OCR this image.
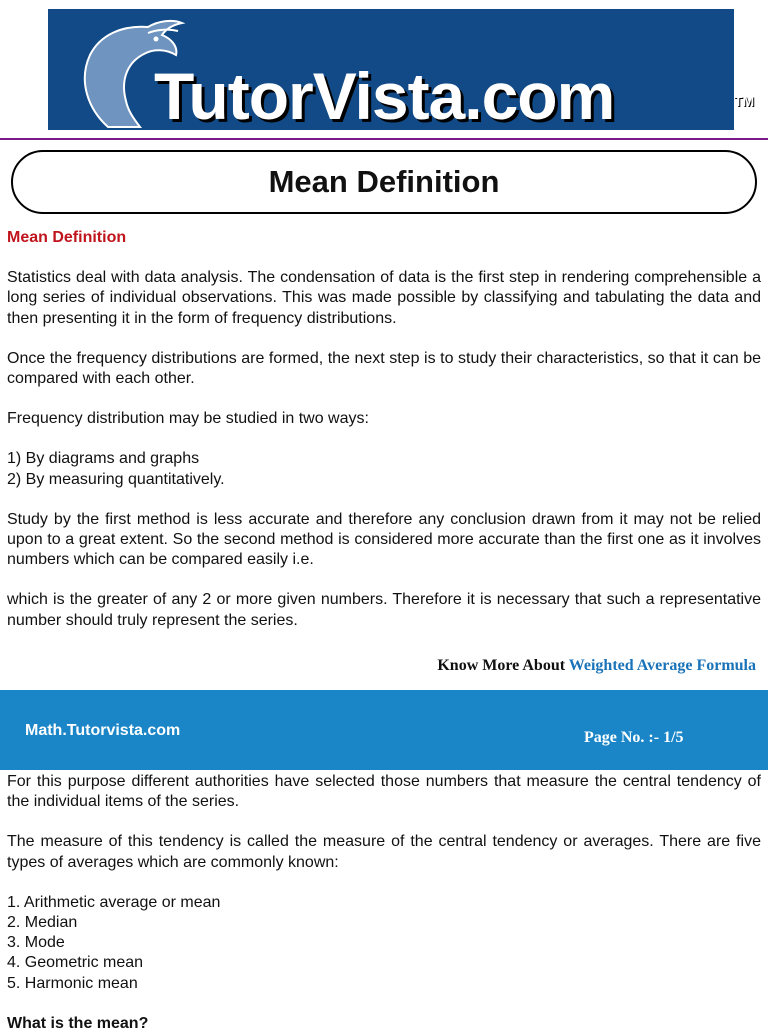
TutorVista.com	TM
Mean Definition

Mean Definition

Statistics deal with data analysis. The condensation of data is the first step in rendering comprehensible a long series of individual observations. This was made possible by classifying and tabulating the data and then presenting it in the form of frequency distributions.

Once the frequency distributions are formed, the next step is to study their characteristics, so that it can be compared with each other.

Frequency distribution may be studied in two ways:

1) By diagrams and graphs
2) By measuring quantitatively.

Study by the first method is less accurate and therefore any conclusion drawn from it may not be relied upon to a great extent. So the second method is considered more accurate than the first one as it involves numbers which can be compared easily i.e.

which is the greater of any 2 or more given numbers. Therefore it is necessary that such a representative number should truly represent the series.

Know More About Weighted Average Formula
Math.Tutorvista.com	Page No. :- 1/5

For this purpose different authorities have selected those numbers that measure the central tendency of the individual items of the series.

The measure of this tendency is called the measure of the central tendency or averages. There are five types of averages which are commonly known:

1. Arithmetic average or mean
2. Median
3. Mode
4. Geometric mean
5. Harmonic mean

What is the mean?
